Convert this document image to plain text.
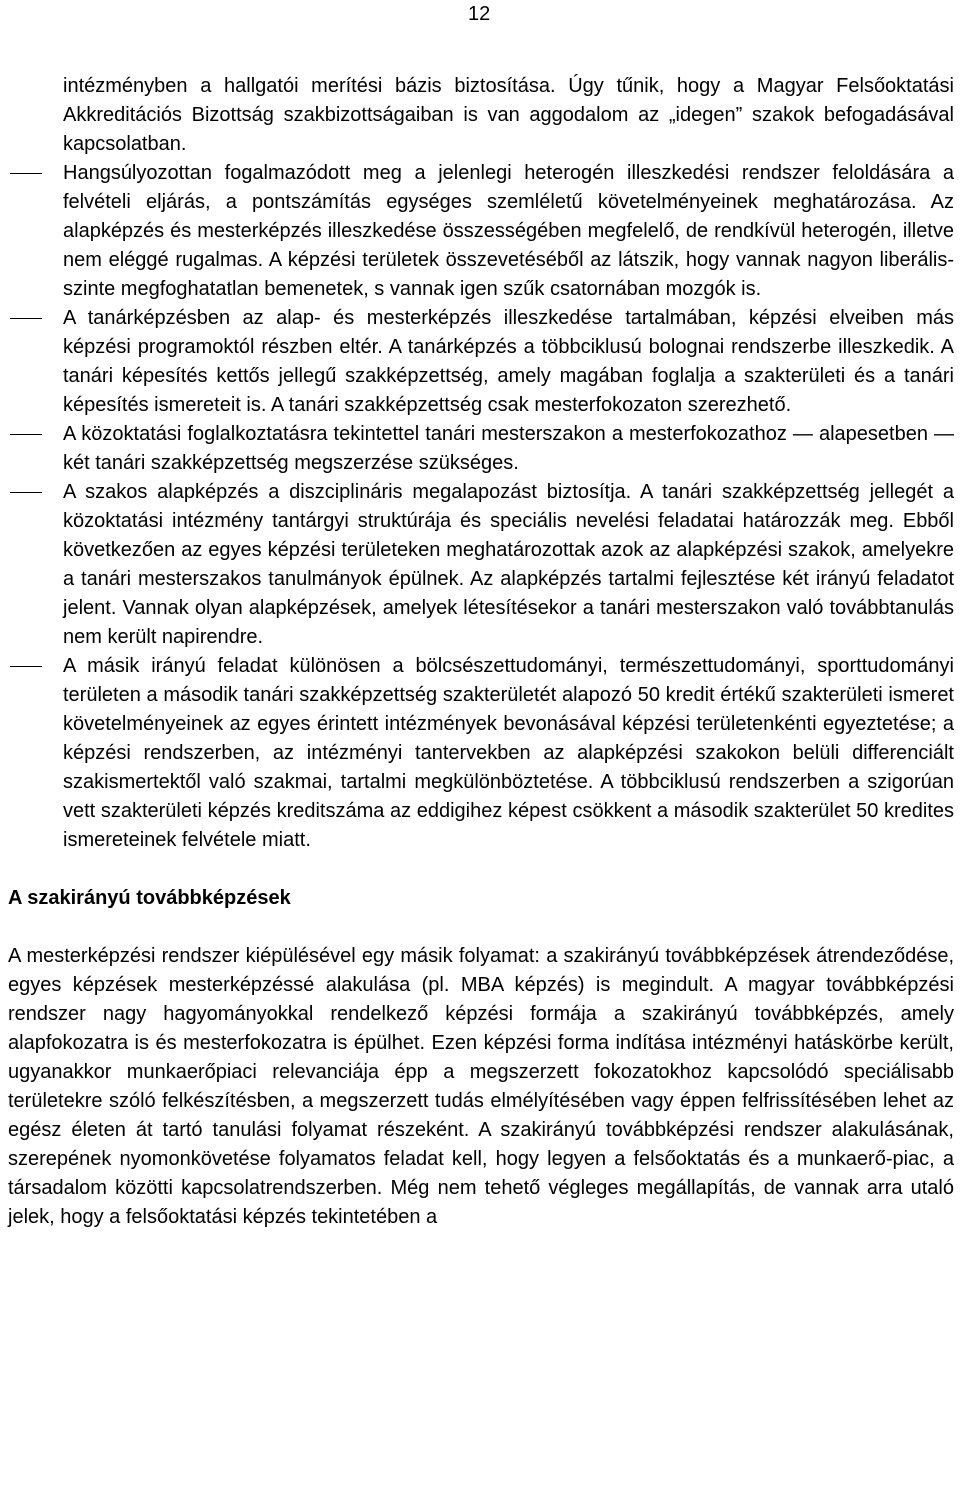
12
intézményben a hallgatói merítési bázis biztosítása. Úgy tűnik, hogy a Magyar Felsőoktatási Akkreditációs Bizottság szakbizottságaiban is van aggodalom az „idegen” szakok befogadásával kapcsolatban.
Hangsúlyozottan fogalmazódott meg a jelenlegi heterogén illeszkedési rendszer feloldására a felvételi eljárás, a pontszámítás egységes szemléletű követelményeinek meghatározása. Az alapképzés és mesterképzés illeszkedése összességében megfelelő, de rendkívül heterogén, illetve nem eléggé rugalmas. A képzési területek összevetéséből az látszik, hogy vannak nagyon liberális- szinte megfoghatatlan bemenetek, s vannak igen szűk csatornában mozgók is.
A tanárképzésben az alap- és mesterképzés illeszkedése tartalmában, képzési elveiben más képzési programoktól részben eltér. A tanárképzés a többciklusú bolognai rendszerbe illeszkedik. A tanári képesítés kettős jellegű szakképzettség, amely magában foglalja a szakterületi és a tanári képesítés ismereteit is. A tanári szakképzettség csak mesterfokozaton szerezhető.
A közoktatási foglalkoztatásra tekintettel tanári mesterszakon a mesterfokozathoz — alapesetben — két tanári szakképzettség megszerzése szükséges.
A szakos alapképzés a diszciplináris megalapozást biztosítja. A tanári szakképzettség jellegét a közoktatási intézmény tantárgyi struktúrája és speciális nevelési feladatai határozzák meg. Ebből következően az egyes képzési területeken meghatározottak azok az alapképzési szakok, amelyekre a tanári mesterszakos tanulmányok épülnek. Az alapképzés tartalmi fejlesztése két irányú feladatot jelent. Vannak olyan alapképzések, amelyek létesítésekor a tanári mesterszakon való továbbtanulás nem került napirendre.
A másik irányú feladat különösen a bölcsészettudományi, természettudományi, sporttudományi területen a második tanári szakképzettség szakterületét alapozó 50 kredit értékű szakterületi ismeret követelményeinek az egyes érintett intézmények bevonásával képzési területenkénti egyeztetése; a képzési rendszerben, az intézményi tantervekben az alapképzési szakokon belüli differenciált szakismertektől való szakmai, tartalmi megkülönböztetése. A többciklusú rendszerben a szigorúan vett szakterületi képzés kreditszáma az eddigihez képest csökkent a második szakterület 50 kredites ismereteinek felvétele miatt.
A szakirányú továbbképzések

A mesterképzési rendszer kiépülésével egy másik folyamat: a szakirányú továbbképzések átrendeződése, egyes képzések mesterképzéssé alakulása (pl. MBA képzés) is megindult. A magyar továbbképzési rendszer nagy hagyományokkal rendelkező képzési formája a szakirányú továbbképzés, amely alapfokozatra is és mesterfokozatra is épülhet. Ezen képzési forma indítása intézményi hatáskörbe került, ugyanakkor munkaerőpiaci relevanciája épp a megszerzett fokozatokhoz kapcsolódó speciálisabb területekre szóló felkészítésben, a megszerzett tudás elmélyítésében vagy éppen felfrissítésében lehet az egész életen át tartó tanulási folyamat részeként. A szakirányú továbbképzési rendszer alakulásának, szerepének nyomonkövetése folyamatos feladat kell, hogy legyen a felsőoktatás és a munkaerő-piac, a társadalom közötti kapcsolatrendszerben. Még nem tehető végleges megállapítás, de vannak arra utaló jelek, hogy a felsőoktatási képzés tekintetében a
